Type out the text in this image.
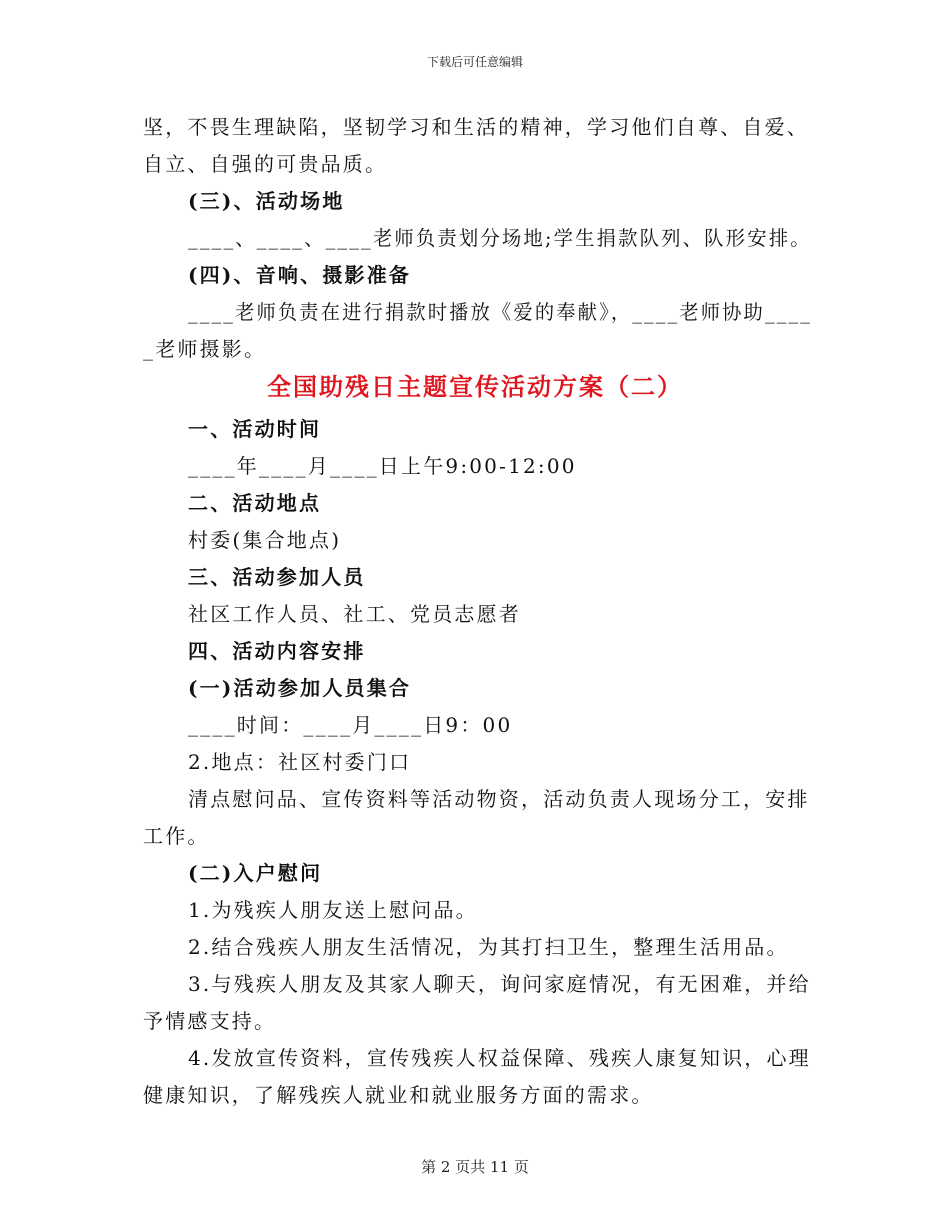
下载后可任意编辑
坚，不畏生理缺陷，坚韧学习和生活的精神，学习他们自尊、自爱、
自立、自强的可贵品质。
(三)、活动场地
____、____、____老师负责划分场地;学生捐款队列、队形安排。
(四)、音响、摄影准备
____老师负责在进行捐款时播放《爱的奉献》，____老师协助____
_老师摄影。
全国助残日主题宣传活动方案（二）
一、活动时间
____年____月____日上午9:00-12:00
二、活动地点
村委(集合地点)
三、活动参加人员
社区工作人员、社工、党员志愿者
四、活动内容安排
(一)活动参加人员集合
____时间：____月____日9：00
2.地点：社区村委门口
清点慰问品、宣传资料等活动物资，活动负责人现场分工，安排
工作。
(二)入户慰问
1.为残疾人朋友送上慰问品。
2.结合残疾人朋友生活情况，为其打扫卫生，整理生活用品。
3.与残疾人朋友及其家人聊天，询问家庭情况，有无困难，并给
予情感支持。
4.发放宣传资料，宣传残疾人权益保障、残疾人康复知识，心理
健康知识，了解残疾人就业和就业服务方面的需求。
第 2 页共 11 页
